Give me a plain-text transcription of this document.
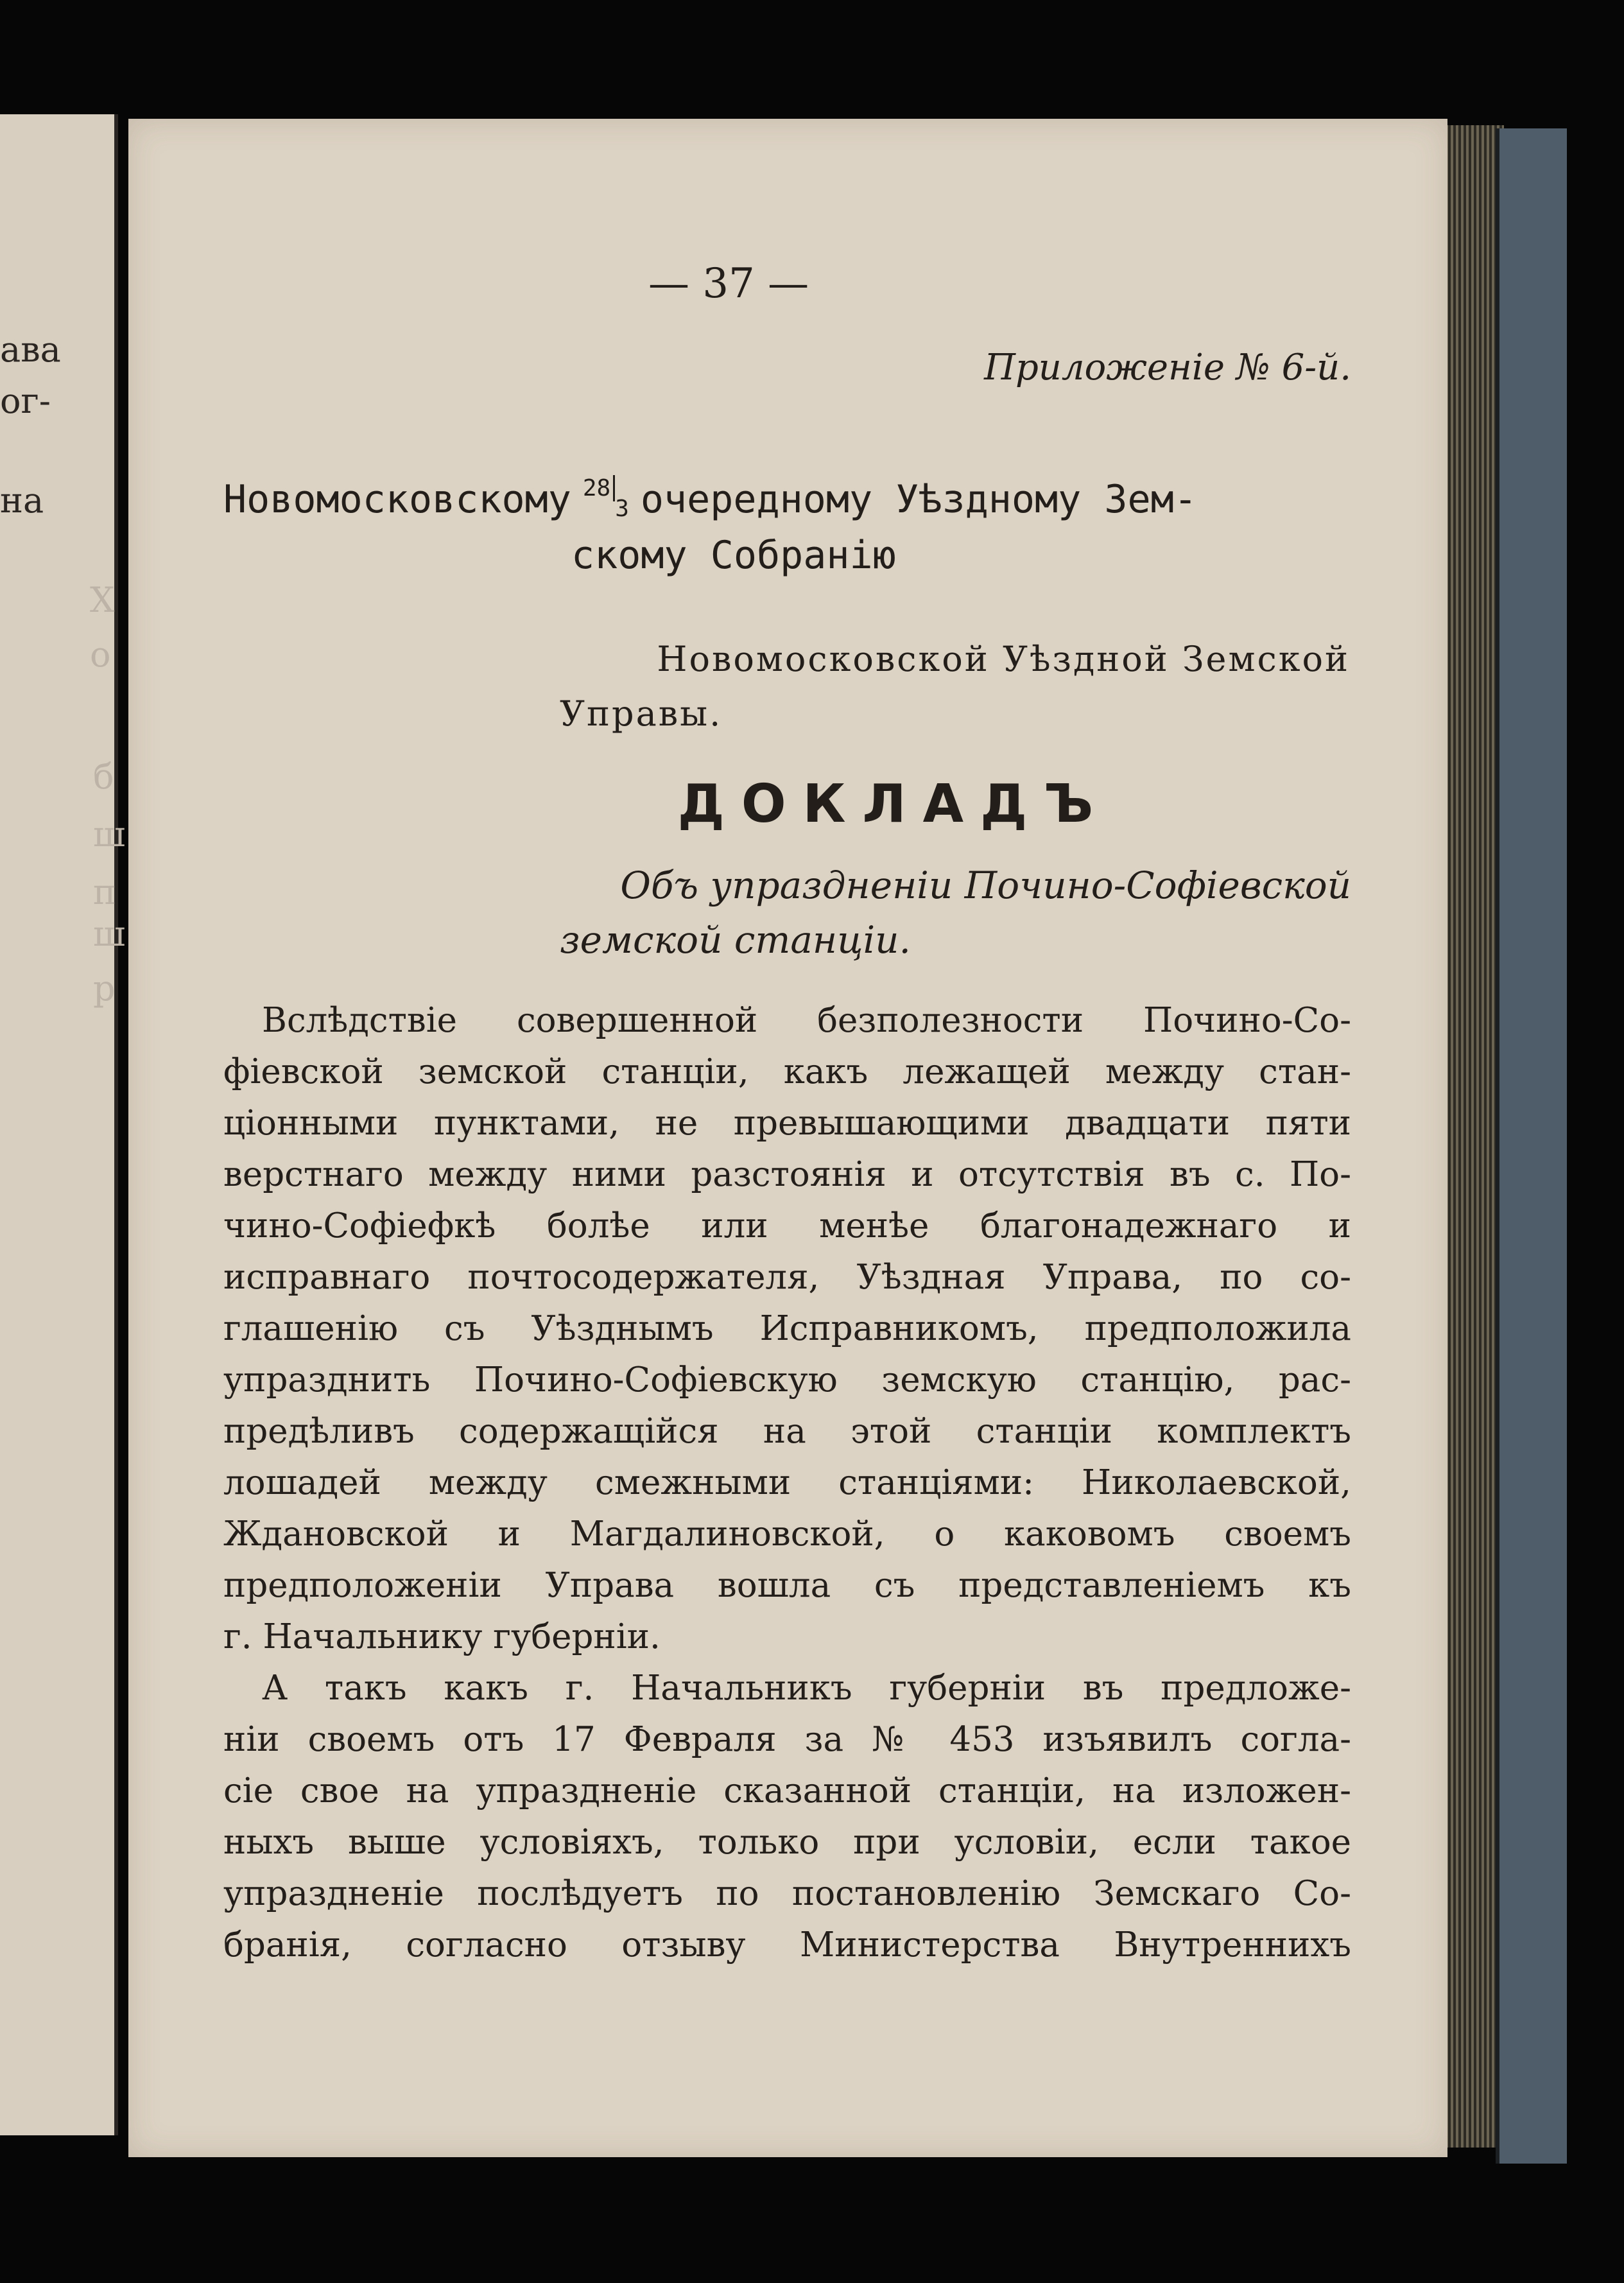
ава
ог-
на
X
о
б
ш
п
ш
р
— 37 —
Приложеніе № 6-й.
Новомосковскому 283 очередному Уѣздному Зем-
скому Собранію
Новомосковской Уѣздной Земской
Управы.
ДОКЛАДЪ
Объ упраздненіи Почино-Софіевской
земской станціи.
Вслѣдствіе совершенной безполезности Почино-Со-
фіевской земской станціи, какъ лежащей между стан-
ціонными пунктами, не превышающими двадцати пяти
верстнаго между ними разстоянія и отсутствія въ с. По-
чино-Софіефкѣ болѣе или менѣе благонадежнаго и
исправнаго почтосодержателя, Уѣздная Управа, по со-
глашенію съ Уѣзднымъ Исправникомъ, предположила
упразднить Почино-Софіевскую земскую станцію, рас-
предѣливъ содержащійся на этой станціи комплектъ
лошадей между смежными станціями: Николаевской,
Ждановской и Магдалиновской, о каковомъ своемъ
предположеніи Управа вошла съ представленіемъ къ
г. Начальнику губерніи.
А такъ какъ г. Начальникъ губерніи въ предложе-
ніи своемъ отъ 17 Февраля за № 453 изъявилъ согла-
сіе свое на упраздненіе сказанной станціи, на изложен-
ныхъ выше условіяхъ, только при условіи, если такое
упраздненіе послѣдуетъ по постановленію Земскаго Со-
бранія, согласно отзыву Министерства Внутреннихъ
